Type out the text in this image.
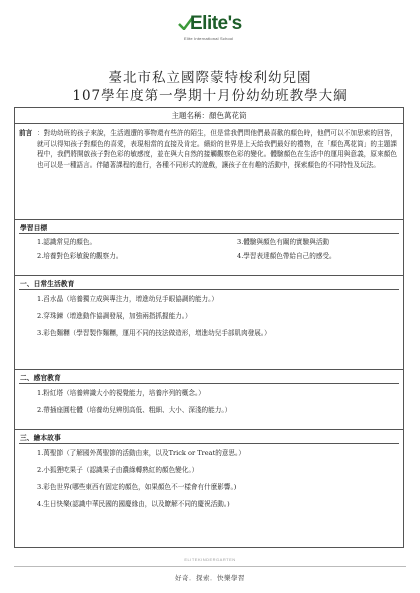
Elite's
Elite International School
臺北市私立國際蒙特梭利幼兒園
107學年度第一學期十月份幼幼班教學大綱
主題名稱：顏色萬花筒
前言 ：對幼幼班的孩子來說，生活週遭的事物還有些許的陌生，但是當我們問他們最喜歡的顏色時，他們可以不加思索的回答，就可以得知孩子對顏色的喜愛，表現相當的直接及肯定。繽紛的世界是上天給我們最好的禮物，在「顏色萬花筒」的主題課程中，我們將開啟孩子對色彩的敏感度，並在與大自然的接觸觀察色彩的變化。體驗顏色在生活中的運用與意義，原來顏色也可以是一種語言。伴隨著課程的進行，各種不同形式的遊戲，讓孩子在有趣的活動中，探索顏色的不同特性及玩法。
學習目標
1.認識常見的顏色。	3.體驗與顏色有關的實驗與活動
2.培養對色彩敏銳的觀察力。	4.學習表達顏色帶給自己的感受。
一、日常生活教育
1.舀水晶（培養獨立成與專注力，增進幼兒手眼協調的能力。）
2.穿珠鍊（增進動作協調發展，加強兩指抓握能力。）
3.彩色麵糰（學習製作麵糰，運用不同的技法做造形，增進幼兒手部肌肉發展。）
二、感官教育
1.粉紅塔（培養辨識大小的視覺能力，培養序列的概念。）
2.帶插座圓柱體（培養幼兒辨別高低、粗細、大小、深淺的能力。）
三、繪本故事
1.萬聖節（了解國外萬聖節的活動由來，以及Trick or Treat的意思。）
2.小狐狸吃果子（認識果子由濃綠轉熟紅的顏色變化。）
3.彩色世界(哪些東西有固定的顏色，如果顏色不一樣會有什麼影響。)
4.生日快樂(認識中華民國的國慶緣由，以及瞭解不同的慶祝活動。)
ELITEKINDERGARTEN
好奇．探索．快樂學習
